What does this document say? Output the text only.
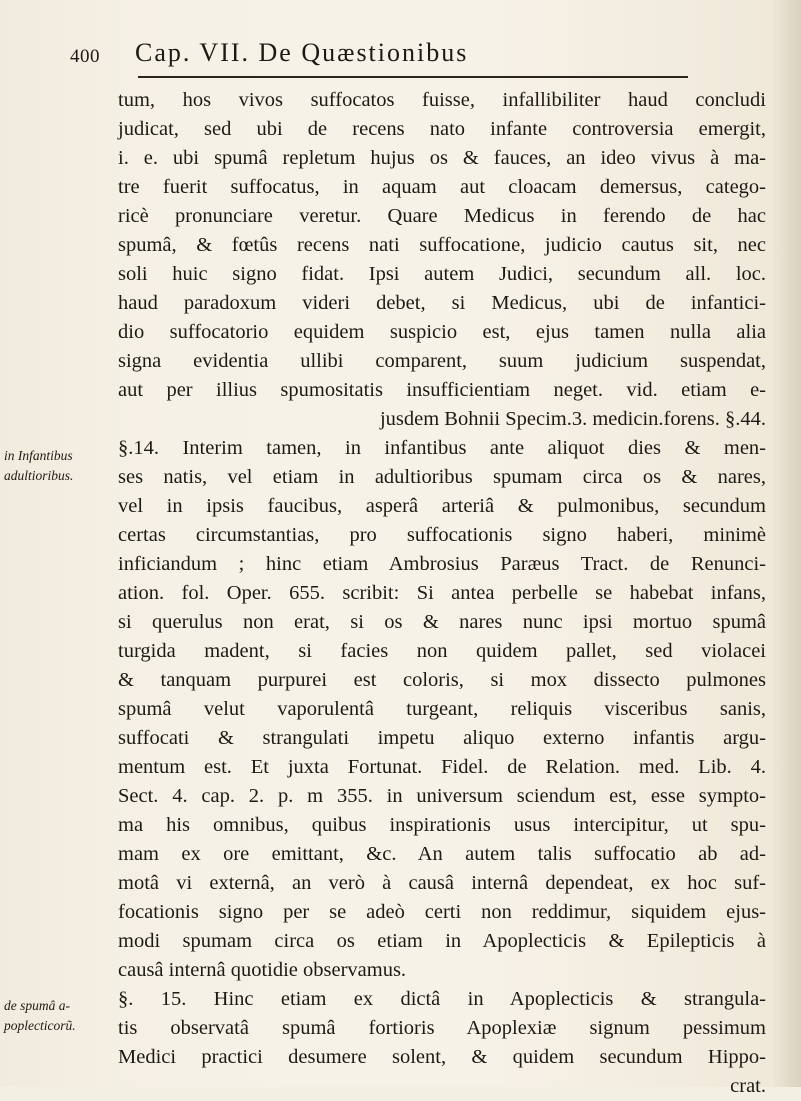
400 Cap. VII. De Quæstionibus
in Infantibus
adultioribus.
de spumâ a-
poplecticorũ.
tum, hos vivos suffocatos fuisse, infallibiliter haud concludi
judicat, sed ubi de recens nato infante controversia emergit,
i. e. ubi spumâ repletum hujus os & fauces, an ideo vivus à ma-
tre fuerit suffocatus, in aquam aut cloacam demersus, catego-
ricè pronunciare veretur. Quare Medicus in ferendo de hac
spumâ, & fœtûs recens nati suffocatione, judicio cautus sit, nec
soli huic signo fidat. Ipsi autem Judici, secundum all. loc.
haud paradoxum videri debet, si Medicus, ubi de infantici-
dio suffocatorio equidem suspicio est, ejus tamen nulla alia
signa evidentia ullibi comparent, suum judicium suspendat,
aut per illius spumositatis insufficientiam neget. vid. etiam e-
jusdem Bohnii Specim.3. medicin.forens. §.44.
§.14. Interim tamen, in infantibus ante aliquot dies & men-
ses natis, vel etiam in adultioribus spumam circa os & nares,
vel in ipsis faucibus, asperâ arteriâ & pulmonibus, secundum
certas circumstantias, pro suffocationis signo haberi, minimè
inficiandum ; hinc etiam Ambrosius Paræus Tract. de Renunci-
ation. fol. Oper. 655. scribit: Si antea perbelle se habebat infans,
si querulus non erat, si os & nares nunc ipsi mortuo spumâ
turgida madent, si facies non quidem pallet, sed violacei
& tanquam purpurei est coloris, si mox dissecto pulmones
spumâ velut vaporulentâ turgeant, reliquis visceribus sanis,
suffocati & strangulati impetu aliquo externo infantis argu-
mentum est. Et juxta Fortunat. Fidel. de Relation. med. Lib. 4.
Sect. 4. cap. 2. p. m 355. in universum sciendum est, esse sympto-
ma his omnibus, quibus inspirationis usus intercipitur, ut spu-
mam ex ore emittant, &c. An autem talis suffocatio ab ad-
motâ vi externâ, an verò à causâ internâ dependeat, ex hoc suf-
focationis signo per se adeò certi non reddimur, siquidem ejus-
modi spumam circa os etiam in Apoplecticis & Epilepticis à
causâ internâ quotidie observamus.
§. 15. Hinc etiam ex dictâ in Apoplecticis & strangula-
tis observatâ spumâ fortioris Apoplexiæ signum pessimum
Medici practici desumere solent, & quidem secundum Hippo-
crat.
